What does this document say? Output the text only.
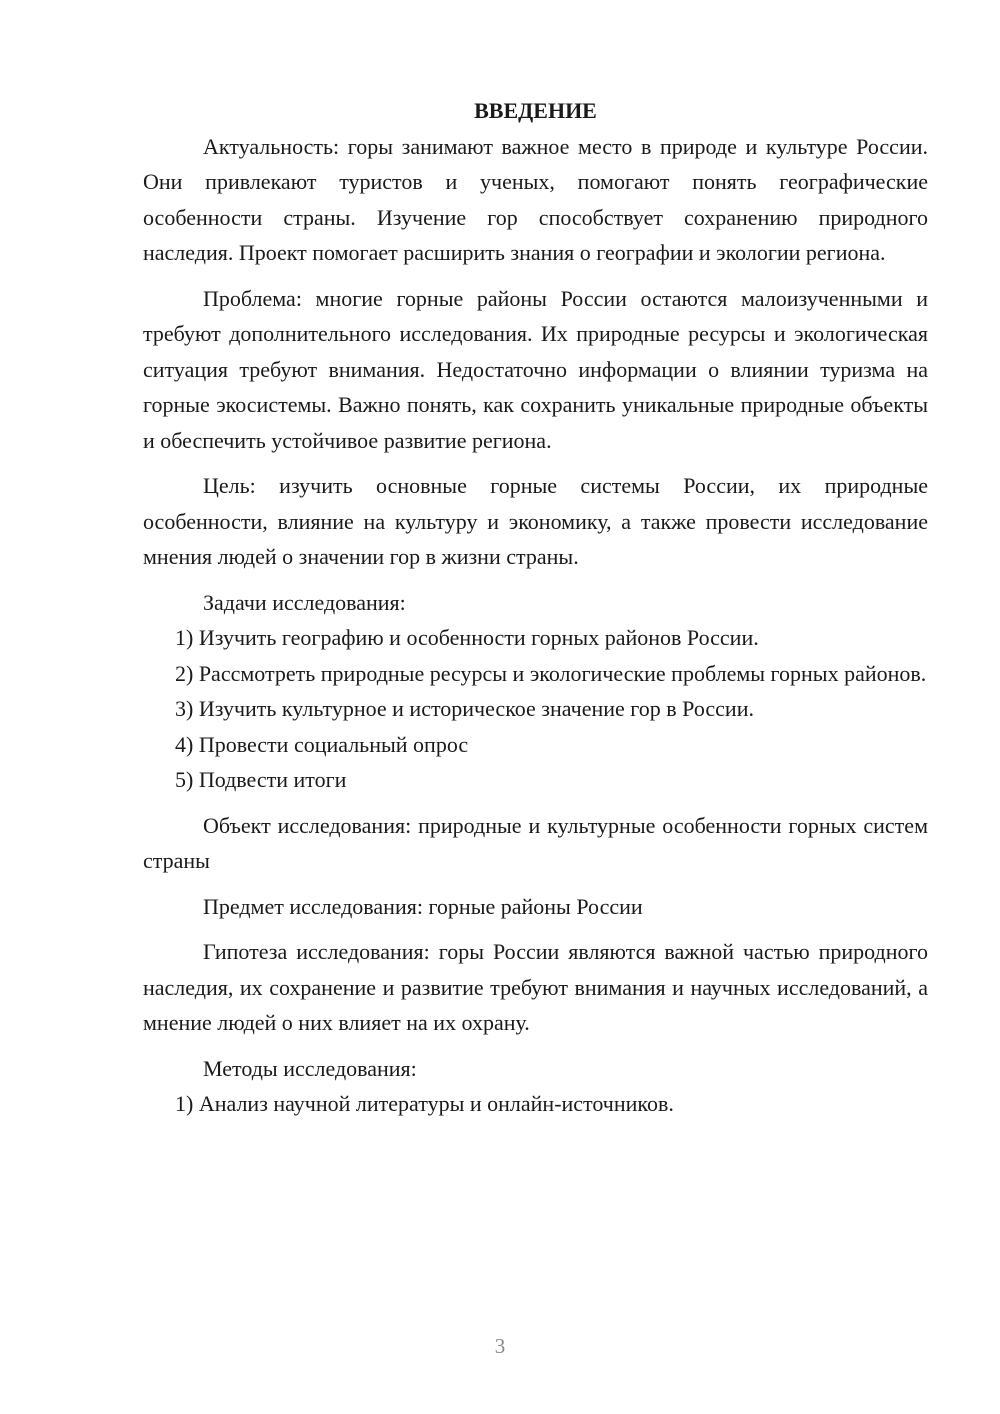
ВВЕДЕНИЕ

Актуальность: горы занимают важное место в природе и культуре России. Они привлекают туристов и ученых, помогают понять географические особенности страны. Изучение гор способствует сохранению природного наследия. Проект помогает расширить знания о географии и экологии региона.

Проблема: многие горные районы России остаются малоизученными и требуют дополнительного исследования. Их природные ресурсы и экологическая ситуация требуют внимания. Недостаточно информации о влиянии туризма на горные экосистемы. Важно понять, как сохранить уникальные природные объекты и обеспечить устойчивое развитие региона.

Цель: изучить основные горные системы России, их природные особенности, влияние на культуру и экономику, а также провести исследование мнения людей о значении гор в жизни страны.

Задачи исследования:

1) Изучить географию и особенности горных районов России.

2) Рассмотреть природные ресурсы и экологические проблемы горных районов.

3) Изучить культурное и историческое значение гор в России.

4) Провести социальный опрос

5) Подвести итоги

Объект исследования: природные и культурные особенности горных систем страны

Предмет исследования: горные районы России

Гипотеза исследования: горы России являются важной частью природного наследия, их сохранение и развитие требуют внимания и научных исследований, а мнение людей о них влияет на их охрану.

Методы исследования:

1) Анализ научной литературы и онлайн-источников.

3
